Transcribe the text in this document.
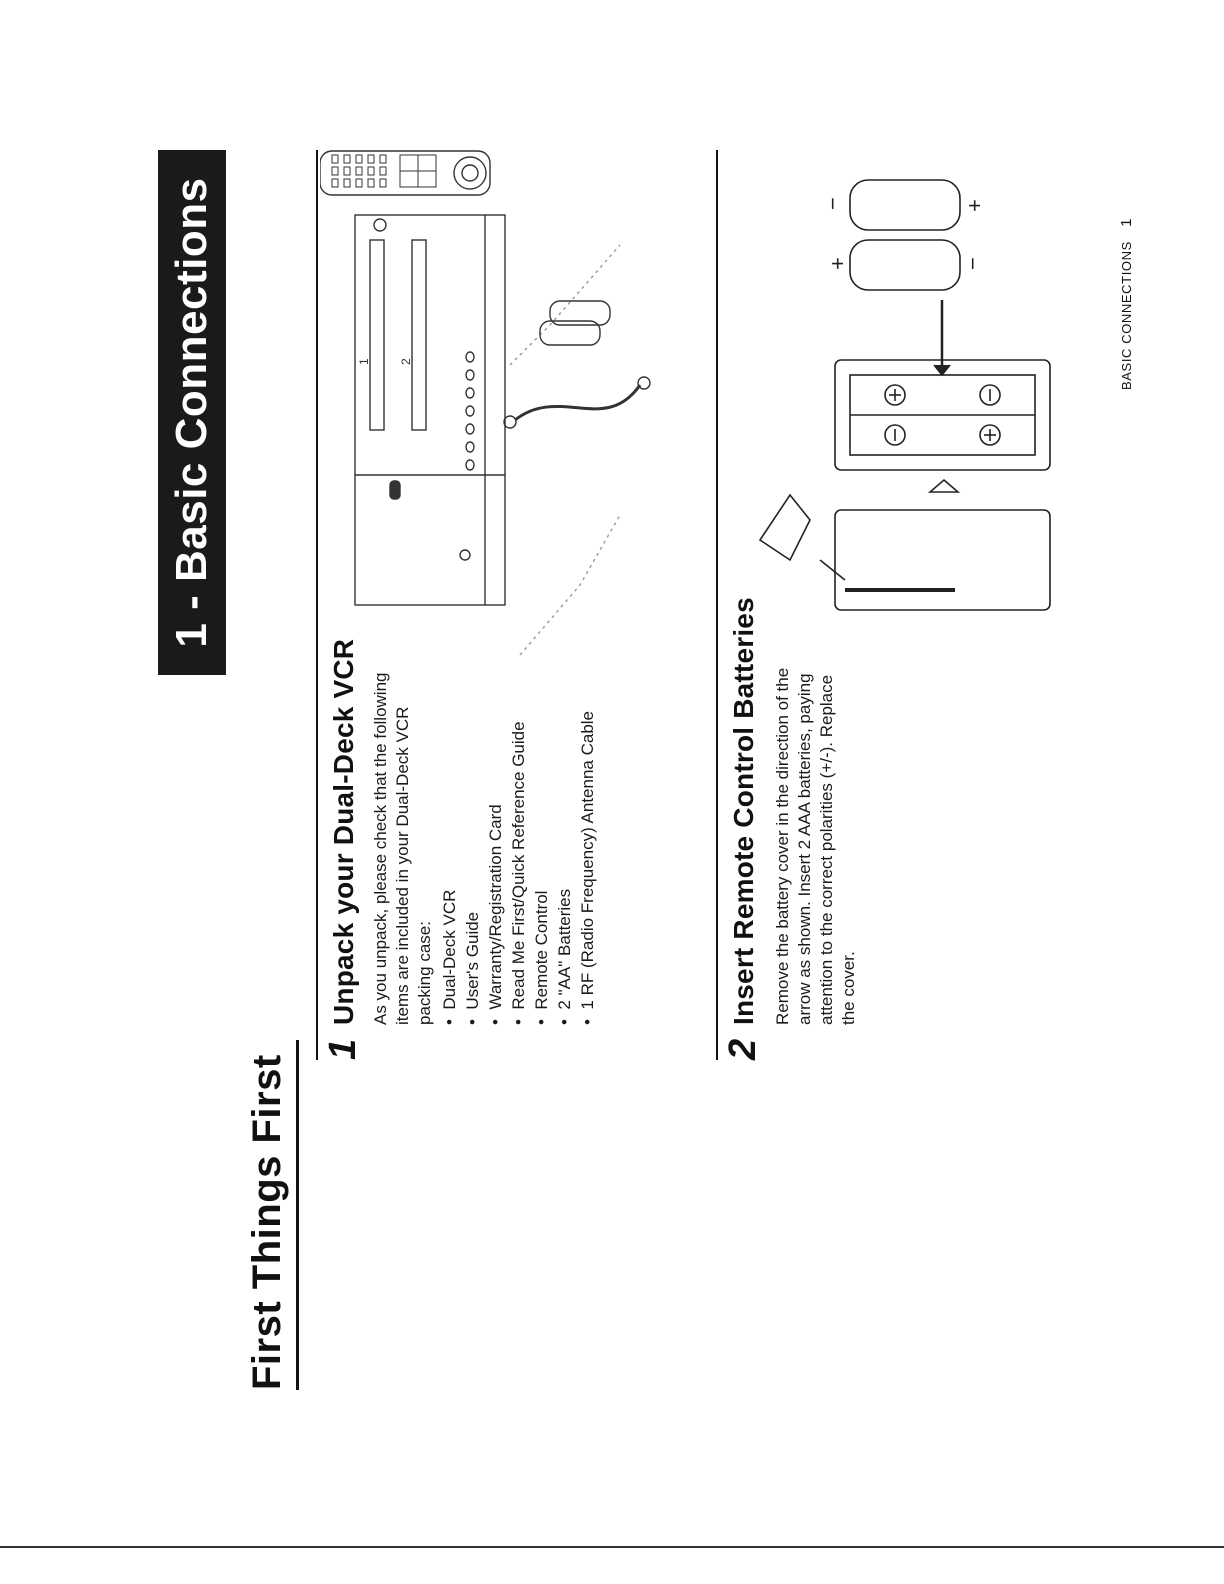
1 - Basic Connections
First Things First
1
Unpack your Dual-Deck VCR As you unpack, please check that the following items are included in your Dual-Deck VCR packing case: •  Dual-Deck VCR •  User's Guide •  Warranty/Registration Card •  Read Me First/Quick Reference Guide •  Remote Control •  2 "AA" Batteries •  1 RF (Radio Frequency) Antenna Cable
1 2
2
Insert Remote Control Batteries Remove the battery cover in the direction of the arrow as shown. Insert 2 AAA batteries, paying attention to the correct polarities (+/-). Replace the cover.
+	−
−	+
BASIC CONNECTIONS 1
